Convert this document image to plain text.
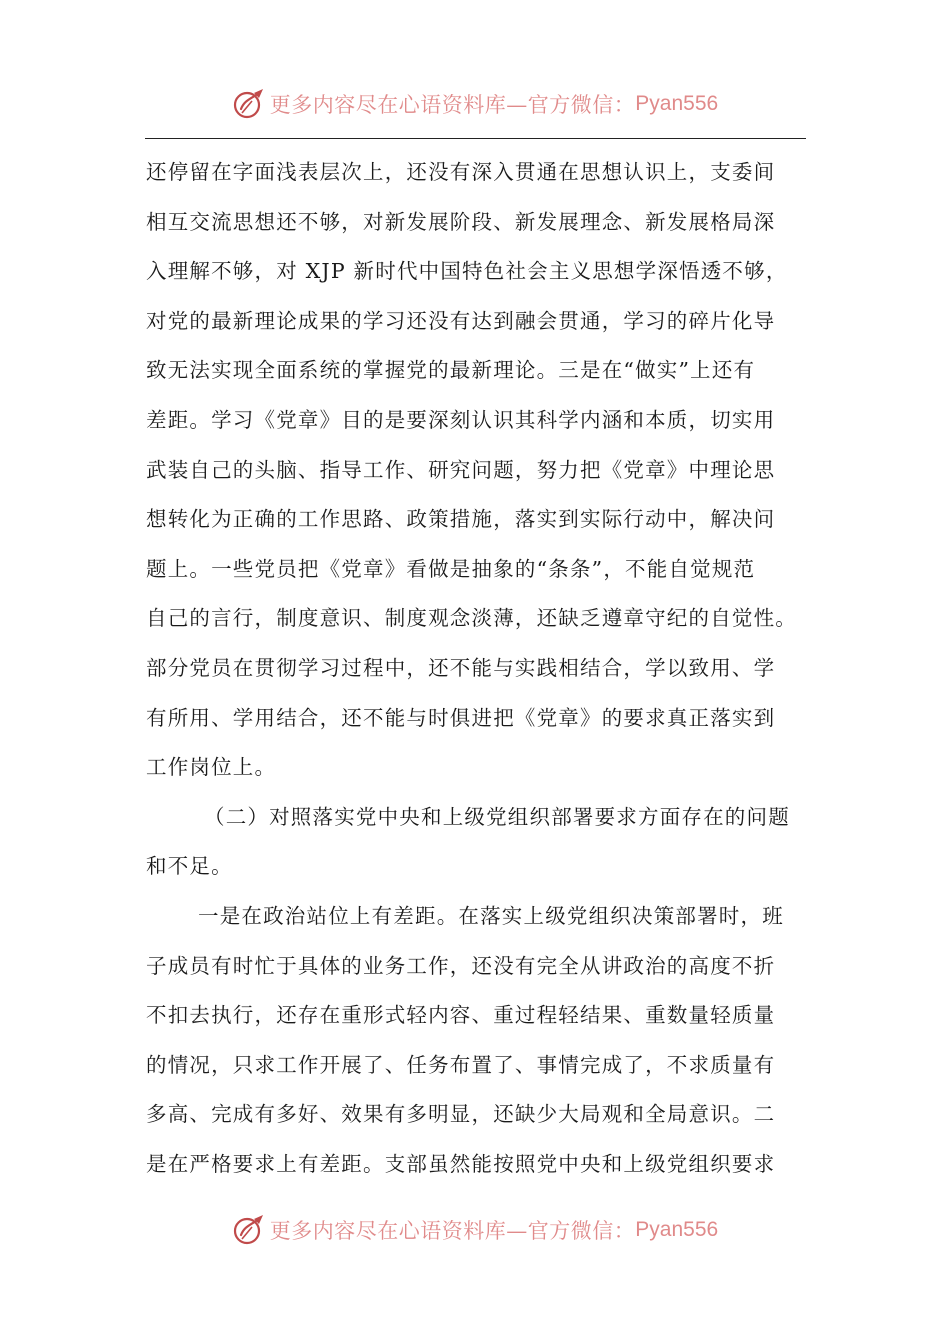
更多内容尽在心语资料库—官方微信： Pyan556
还停留在字面浅表层次上，还没有深入贯通在思想认识上，支委间
相互交流思想还不够，对新发展阶段、新发展理念、新发展格局深
入理解不够，对 XJP 新时代中国特色社会主义思想学深悟透不够，
对党的最新理论成果的学习还没有达到融会贯通，学习的碎片化导
致无法实现全面系统的掌握党的最新理论。三是在“做实”上还有
差距。学习《党章》目的是要深刻认识其科学内涵和本质，切实用
武装自己的头脑、指导工作、研究问题，努力把《党章》中理论思
想转化为正确的工作思路、政策措施，落实到实际行动中，解决问
题上。一些党员把《党章》看做是抽象的“条条”，不能自觉规范
自己的言行，制度意识、制度观念淡薄，还缺乏遵章守纪的自觉性。
部分党员在贯彻学习过程中，还不能与实践相结合，学以致用、学
有所用、学用结合，还不能与时俱进把《党章》的要求真正落实到
工作岗位上。
（二）对照落实党中央和上级党组织部署要求方面存在的问题
和不足。
一是在政治站位上有差距。在落实上级党组织决策部署时，班
子成员有时忙于具体的业务工作，还没有完全从讲政治的高度不折
不扣去执行，还存在重形式轻内容、重过程轻结果、重数量轻质量
的情况，只求工作开展了、任务布置了、事情完成了，不求质量有
多高、完成有多好、效果有多明显，还缺少大局观和全局意识。二
是在严格要求上有差距。支部虽然能按照党中央和上级党组织要求
更多内容尽在心语资料库—官方微信： Pyan556
